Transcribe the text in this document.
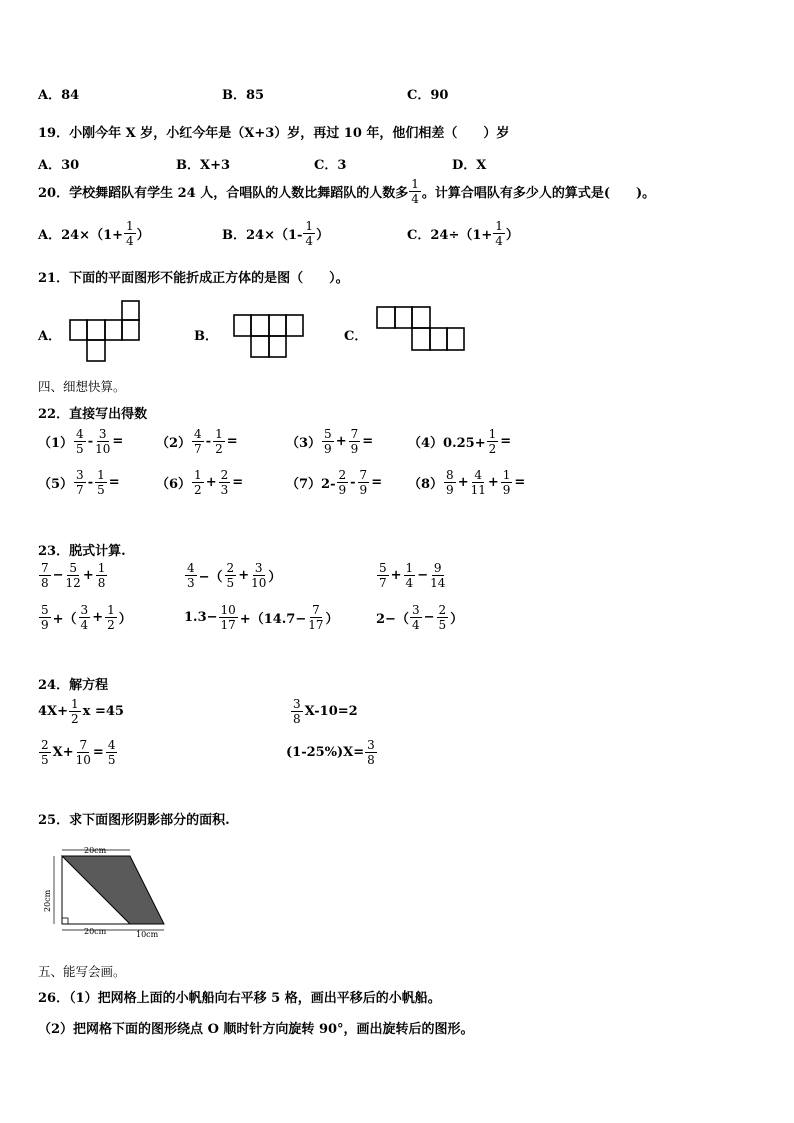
A．84	B．85	C．90
19．小刚今年 X 岁，小红今年是（X+3）岁，再过 10 年，他们相差（　　）岁
A．30	B．X+3	C．3	D．X
20．学校舞蹈队有学生 24 人，合唱队的人数比舞蹈队的人数多 $\frac{1}{4}$ 。计算合唱队有多少人的算式是(　　)。
A．$24\times(1+ \frac{1}{4}$ ）	B．$24\times(1- \frac{1}{4}$ ）	C．$24\div(1+ \frac{1}{4}$ ）
21．下面的平面图形不能折成正方体的是图（　　）。
A．	B．	C．
四、细想快算。
22．直接写出得数
$(1) \frac{4}{5} - \frac{3}{10}$ =	$(2) \frac{4}{7} - \frac{1}{2}$ =	$(3) \frac{5}{9} + \frac{7}{9}$ =	$(4)0.25+ \frac{1}{2}$ =
$(5) \frac{3}{7} - \frac{1}{5}$ =	$(6) \frac{1}{2} + \frac{2}{3}$ =	$(7)2- \frac{2}{9} - \frac{7}{9} = (8) \frac{8}{9} + \frac{4}{11} + \frac{1}{9}$ =
23．脱式计算.
$\frac{7}{8} - \frac{5}{12} + \frac{1}{8}$	$\frac{4}{3}$ −（ $\frac{2}{5} + \frac{3}{10}$ ）	$\frac{5}{7} + \frac{1}{4} - \frac{9}{14}$
$\frac{5}{9}$ +（ $\frac{3}{4} + \frac{1}{2}$ ）	$1.3- \frac{10}{17} +(14.7- \frac{7}{17}$ ）	$2-( \frac{3}{4} - \frac{2}{5}$ ）
24．解方程
$4X+ \frac{1}{2}$ x =45	$\frac{3}{8} X-10=2$
$\frac{2}{5} X+ \frac{7}{10} = \frac{4}{5}$	$(1-25\%)X= \frac{3}{8}$
25．求下面图形阴影部分的面积.
20cm
20cm
20cm	10cm
五、能写会画。
26．（1）把网格上面的小帆船向右平移 5 格，画出平移后的小帆船。
（2）把网格下面的图形绕点 O 顺时针方向旋转 90°，画出旋转后的图形。
